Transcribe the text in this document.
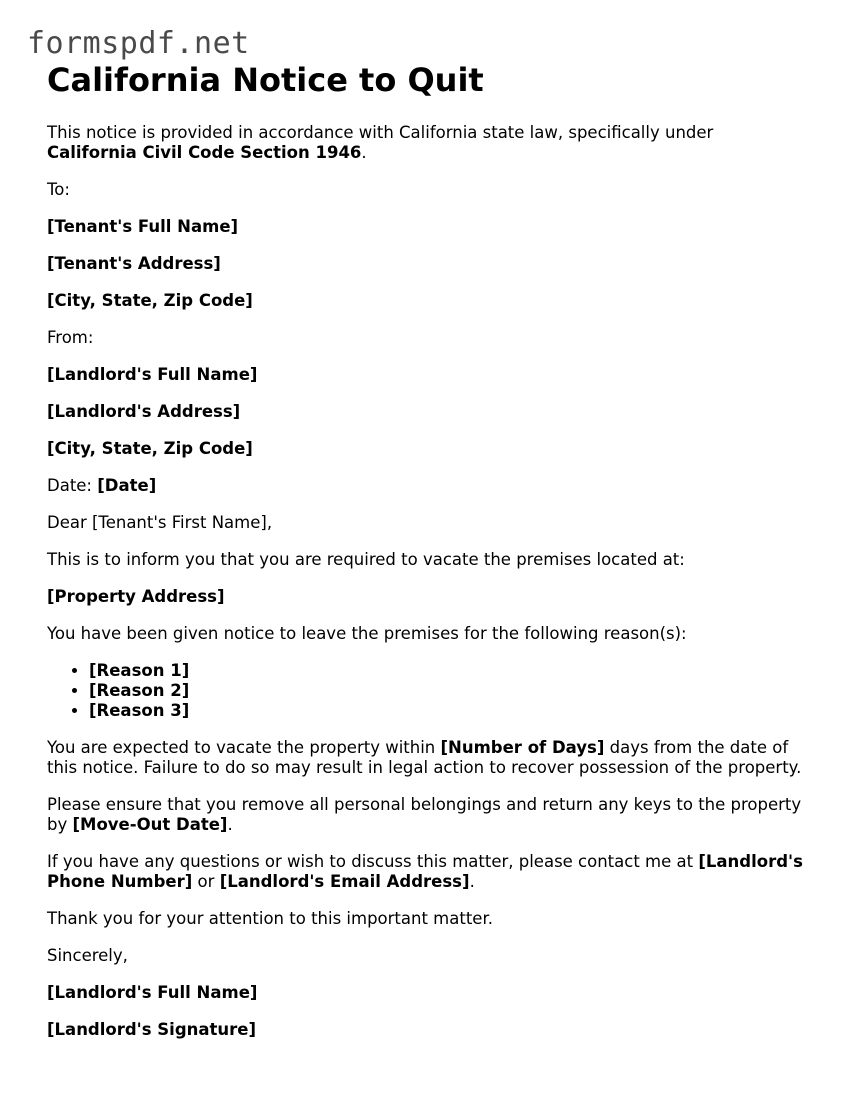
formspdf.net
California Notice to Quit

This notice is provided in accordance with California state law, specifically under
California Civil Code Section 1946.

To:

[Tenant's Full Name]

[Tenant's Address]

[City, State, Zip Code]

From:

[Landlord's Full Name]

[Landlord's Address]

[City, State, Zip Code]

Date: [Date]

Dear [Tenant's First Name],

This is to inform you that you are required to vacate the premises located at:

[Property Address]

You have been given notice to leave the premises for the following reason(s):

• [Reason 1]
• [Reason 2]
• [Reason 3]

You are expected to vacate the property within [Number of Days] days from the date of this notice. Failure to do so may result in legal action to recover possession of the property.

Please ensure that you remove all personal belongings and return any keys to the property by [Move-Out Date].

If you have any questions or wish to discuss this matter, please contact me at [Landlord's Phone Number] or [Landlord's Email Address].

Thank you for your attention to this important matter.

Sincerely,

[Landlord's Full Name]

[Landlord's Signature]
